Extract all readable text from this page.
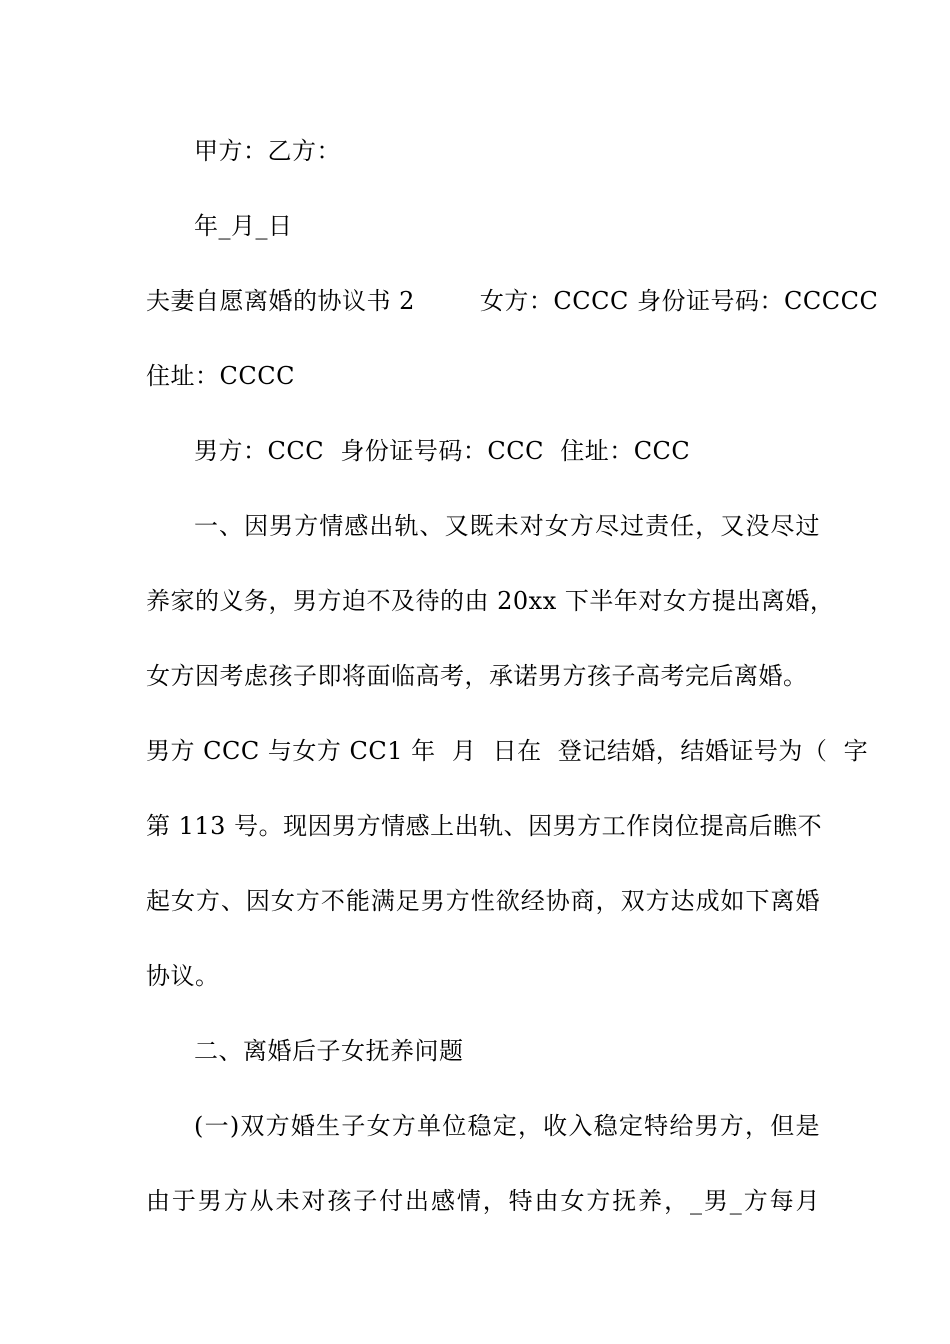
甲方：乙方：
年_月_日
夫妻自愿离婚的协议书 2        女方：CCCC 身份证号码：CCCCC
住址：CCCC
男方：CCC  身份证号码：CCC  住址：CCC
一、因男方情感出轨、又既未对女方尽过责任，又没尽过
养家的义务，男方迫不及待的由 20xx 下半年对女方提出离婚，
女方因考虑孩子即将面临高考，承诺男方孩子高考完后离婚。
男方 CCC 与女方 CC1 年  月  日在  登记结婚，结婚证号为（  字
第 113 号。现因男方情感上出轨、因男方工作岗位提高后瞧不
起女方、因女方不能满足男方性欲经协商，双方达成如下离婚
协议。
二、离婚后子女抚养问题
(一)双方婚生子女方单位稳定，收入稳定特给男方，但是
由于男方从未对孩子付出感情，特由女方抚养，_男_方每月
